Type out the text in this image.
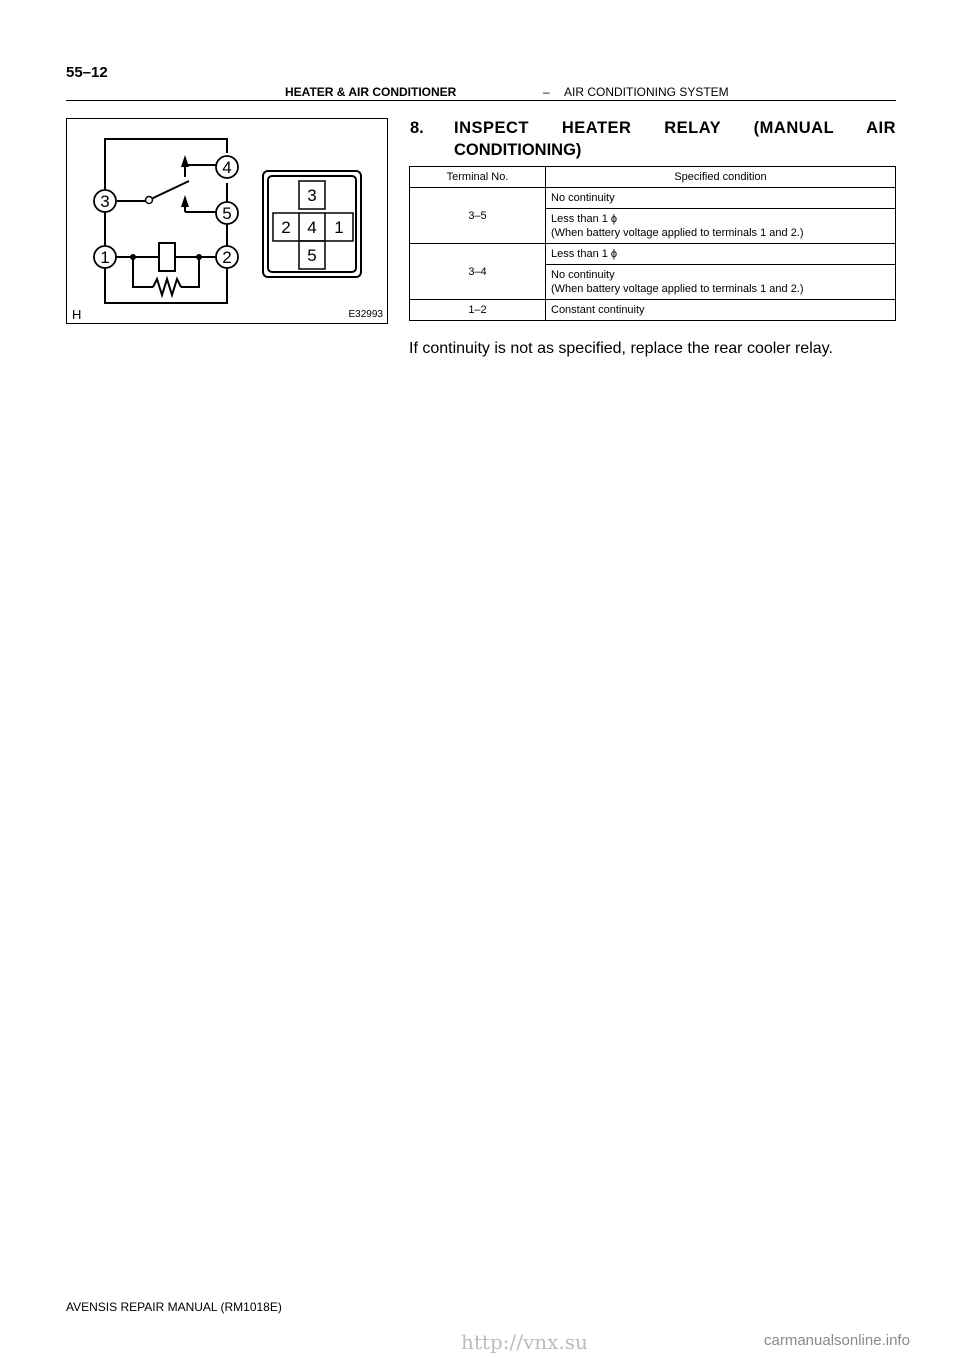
55–12
HEATER & AIR CONDITIONER	– AIR CONDITIONING SYSTEM
3
4
5
1	2
3
2 4 1
5
H	E32993
8. INSPECT HEATER RELAY (MANUAL AIR
CONDITIONING)
Terminal No.	Specified condition
3–5	No continuity

	Less than 1 ϕ
(When battery voltage applied to terminals 1 and 2.)

3–4	Less than 1 ϕ

	No continuity
(When battery voltage applied to terminals 1 and 2.)

1–2	Constant continuity
If continuity is not as specified, replace the rear cooler relay.
AVENSIS REPAIR MANUAL (RM1018E)
http://vnx.su	carmanualsonline.info
